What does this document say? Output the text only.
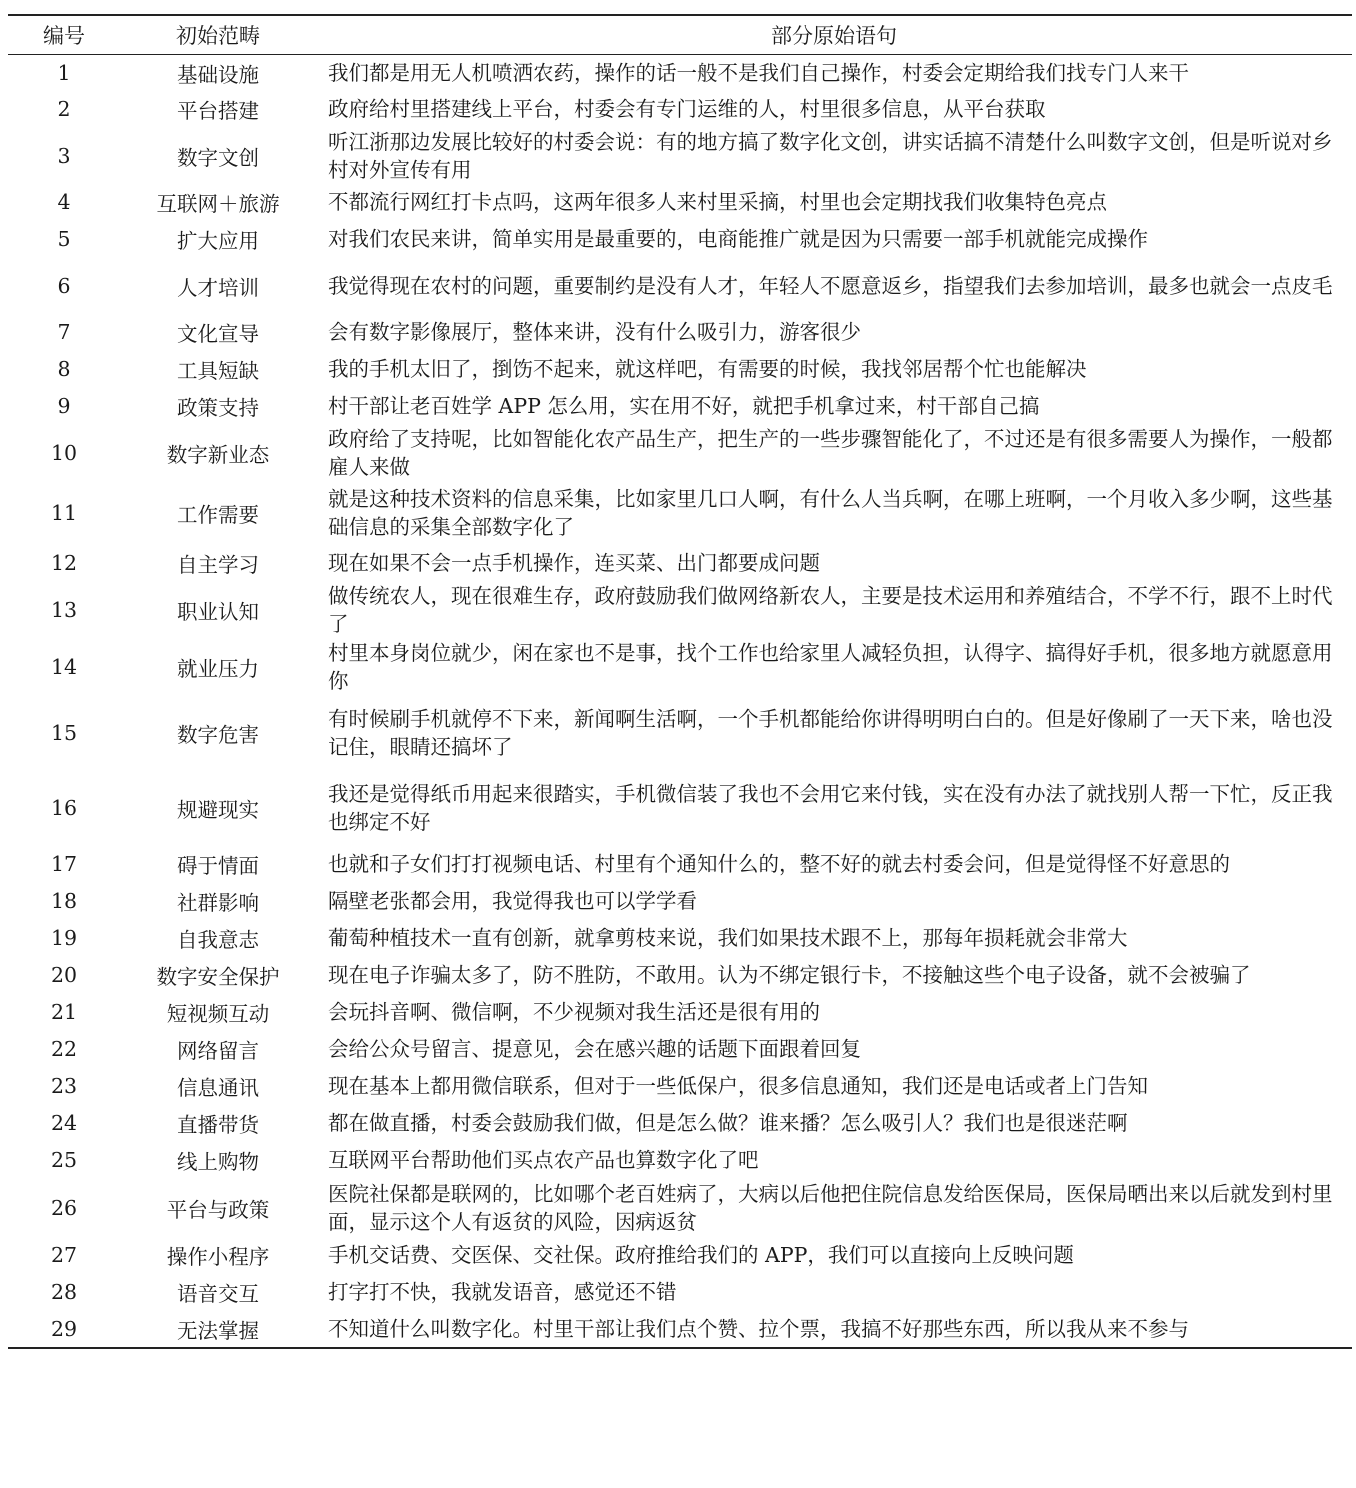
编号	初始范畴	部分原始语句
1	基础设施	我们都是用无人机喷洒农药，操作的话一般不是我们自己操作，村委会定期给我们找专门人来干
2	平台搭建	政府给村里搭建线上平台，村委会有专门运维的人，村里很多信息，从平台获取
3	数字文创	听江浙那边发展比较好的村委会说：有的地方搞了数字化文创，讲实话搞不清楚什么叫数字文创，但是听说对乡村对外宣传有用
4	互联网＋旅游	不都流行网红打卡点吗，这两年很多人来村里采摘，村里也会定期找我们收集特色亮点
5	扩大应用	对我们农民来讲，简单实用是最重要的，电商能推广就是因为只需要一部手机就能完成操作
6	人才培训	我觉得现在农村的问题，重要制约是没有人才，年轻人不愿意返乡，指望我们去参加培训，最多也就会一点皮毛
7	文化宣导	会有数字影像展厅，整体来讲，没有什么吸引力，游客很少
8	工具短缺	我的手机太旧了，捯饬不起来，就这样吧，有需要的时候，我找邻居帮个忙也能解决
9	政策支持	村干部让老百姓学 APP 怎么用，实在用不好，就把手机拿过来，村干部自己搞
10	数字新业态	政府给了支持呢，比如智能化农产品生产，把生产的一些步骤智能化了，不过还是有很多需要人为操作，一般都雇人来做
11	工作需要	就是这种技术资料的信息采集，比如家里几口人啊，有什么人当兵啊，在哪上班啊，一个月收入多少啊，这些基础信息的采集全部数字化了
12	自主学习	现在如果不会一点手机操作，连买菜、出门都要成问题
13	职业认知	做传统农人，现在很难生存，政府鼓励我们做网络新农人，主要是技术运用和养殖结合，不学不行，跟不上时代了
14	就业压力	村里本身岗位就少，闲在家也不是事，找个工作也给家里人减轻负担，认得字、搞得好手机，很多地方就愿意用你
15	数字危害	有时候刷手机就停不下来，新闻啊生活啊，一个手机都能给你讲得明明白白的。但是好像刷了一天下来，啥也没记住，眼睛还搞坏了
16	规避现实	我还是觉得纸币用起来很踏实，手机微信装了我也不会用它来付钱，实在没有办法了就找别人帮一下忙，反正我也绑定不好
17	碍于情面	也就和子女们打打视频电话、村里有个通知什么的，整不好的就去村委会问，但是觉得怪不好意思的
18	社群影响	隔壁老张都会用，我觉得我也可以学学看
19	自我意志	葡萄种植技术一直有创新，就拿剪枝来说，我们如果技术跟不上，那每年损耗就会非常大
20	数字安全保护	现在电子诈骗太多了，防不胜防，不敢用。认为不绑定银行卡，不接触这些个电子设备，就不会被骗了
21	短视频互动	会玩抖音啊、微信啊，不少视频对我生活还是很有用的
22	网络留言	会给公众号留言、提意见，会在感兴趣的话题下面跟着回复
23	信息通讯	现在基本上都用微信联系，但对于一些低保户，很多信息通知，我们还是电话或者上门告知
24	直播带货	都在做直播，村委会鼓励我们做，但是怎么做？谁来播？怎么吸引人？我们也是很迷茫啊
25	线上购物	互联网平台帮助他们买点农产品也算数字化了吧
26	平台与政策	医院社保都是联网的，比如哪个老百姓病了，大病以后他把住院信息发给医保局，医保局晒出来以后就发到村里面，显示这个人有返贫的风险，因病返贫
27	操作小程序	手机交话费、交医保、交社保。政府推给我们的 APP，我们可以直接向上反映问题
28	语音交互	打字打不快，我就发语音，感觉还不错
29	无法掌握	不知道什么叫数字化。村里干部让我们点个赞、拉个票，我搞不好那些东西，所以我从来不参与
